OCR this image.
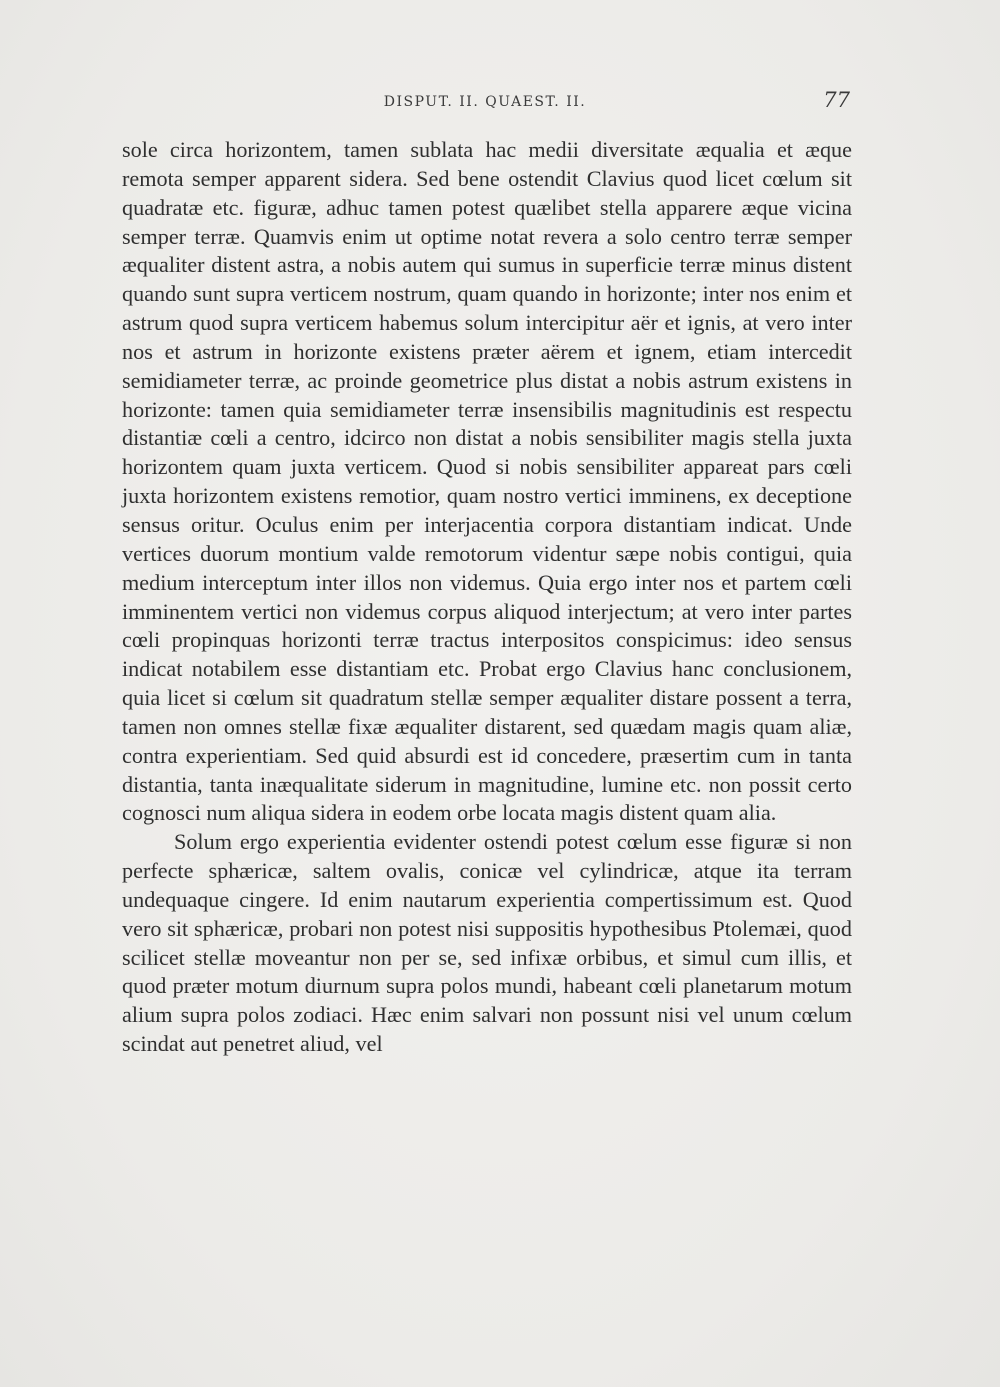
DISPUT. II. QUAEST. II.	77

sole circa horizontem, tamen sublata hac medii diversitate æqualia et æque remota semper apparent sidera. Sed bene ostendit Clavius quod licet cœlum sit quadratæ etc. figuræ, adhuc tamen potest quælibet stella apparere æque vicina semper terræ. Quamvis enim ut optime notat revera a solo centro terræ semper æqualiter distent astra, a nobis autem qui sumus in superficie terræ minus distent quando sunt supra verticem nostrum, quam quando in horizonte; inter nos enim et astrum quod supra verticem habemus solum intercipitur aër et ignis, at vero inter nos et astrum in horizonte existens præter aërem et ignem, etiam intercedit semidiameter terræ, ac proinde geometrice plus distat a nobis astrum existens in horizonte: tamen quia semidiameter terræ insensibilis magnitudinis est respectu distantiæ cœli a centro, idcirco non distat a nobis sensibiliter magis stella juxta horizontem quam juxta verticem. Quod si nobis sensibiliter appareat pars cœli juxta horizontem existens remotior, quam nostro vertici imminens, ex deceptione sensus oritur. Oculus enim per interjacentia corpora distantiam indicat. Unde vertices duorum montium valde remotorum videntur sæpe nobis contigui, quia medium interceptum inter illos non videmus. Quia ergo inter nos et partem cœli imminentem vertici non videmus corpus aliquod interjectum; at vero inter partes cœli propinquas horizonti terræ tractus interpositos conspicimus: ideo sensus indicat notabilem esse distantiam etc. Probat ergo Clavius hanc conclusionem, quia licet si cœlum sit quadratum stellæ semper æqualiter distare possent a terra, tamen non omnes stellæ fixæ æqualiter distarent, sed quædam magis quam aliæ, contra experientiam. Sed quid absurdi est id concedere, præsertim cum in tanta distantia, tanta inæqualitate siderum in magnitudine, lumine etc. non possit certo cognosci num aliqua sidera in eodem orbe locata magis distent quam alia.

Solum ergo experientia evidenter ostendi potest cœlum esse figuræ si non perfecte sphæricæ, saltem ovalis, conicæ vel cylindricæ, atque ita terram undequaque cingere. Id enim nautarum experientia compertissimum est. Quod vero sit sphæricæ, probari non potest nisi suppositis hypothesibus Ptolemæi, quod scilicet stellæ moveantur non per se, sed infixæ orbibus, et simul cum illis, et quod præter motum diurnum supra polos mundi, habeant cœli planetarum motum alium supra polos zodiaci. Hæc enim salvari non possunt nisi vel unum cœlum scindat aut penetret aliud, vel
